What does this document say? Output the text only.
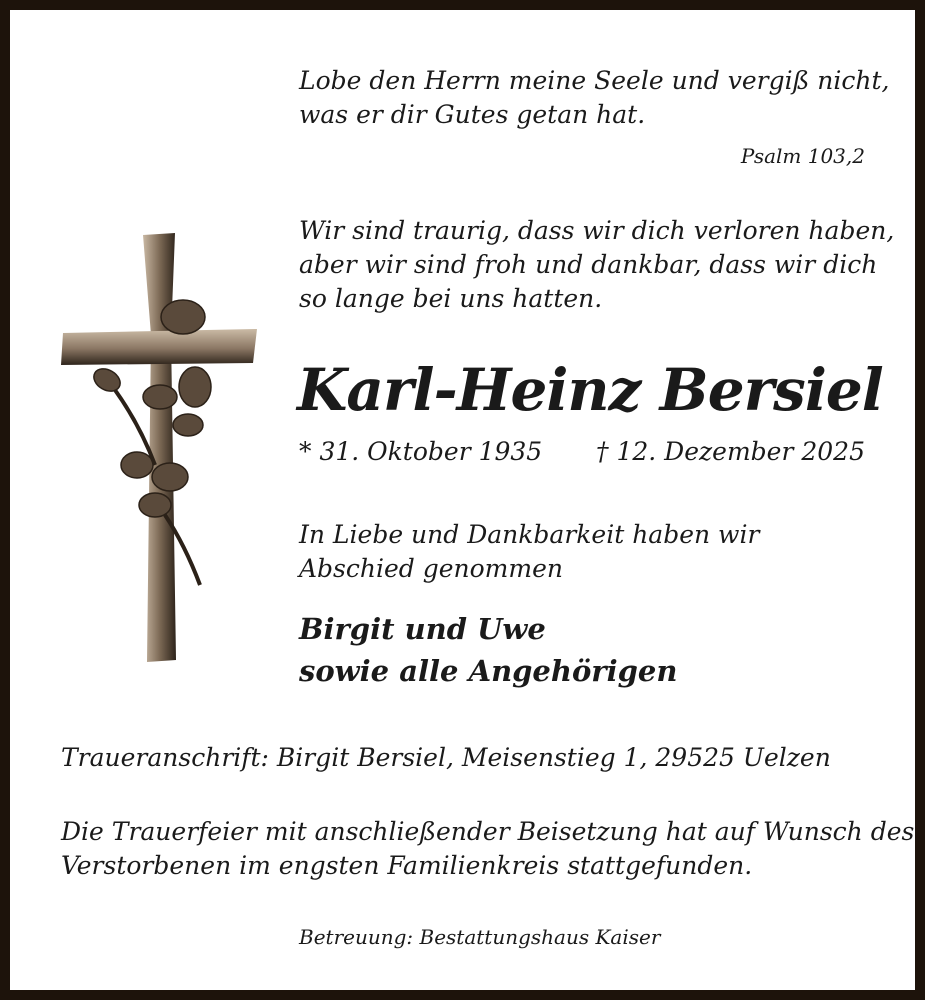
Lobe den Herrn meine Seele und vergiß nicht,
was er dir Gutes getan hat.
Psalm 103,2
Wir sind traurig, dass wir dich verloren haben,
aber wir sind froh und dankbar, dass wir dich
so lange bei uns hatten.
Karl-Heinz Bersiel
* 31. Oktober 1935 † 12. Dezember 2025
In Liebe und Dankbarkeit haben wir
Abschied genommen
Birgit und Uwe
sowie alle Angehörigen
Traueranschrift: Birgit Bersiel, Meisenstieg 1, 29525 Uelzen
Die Trauerfeier mit anschließender Beisetzung hat auf Wunsch des
Verstorbenen im engsten Familienkreis stattgefunden.
Betreuung: Bestattungshaus Kaiser
